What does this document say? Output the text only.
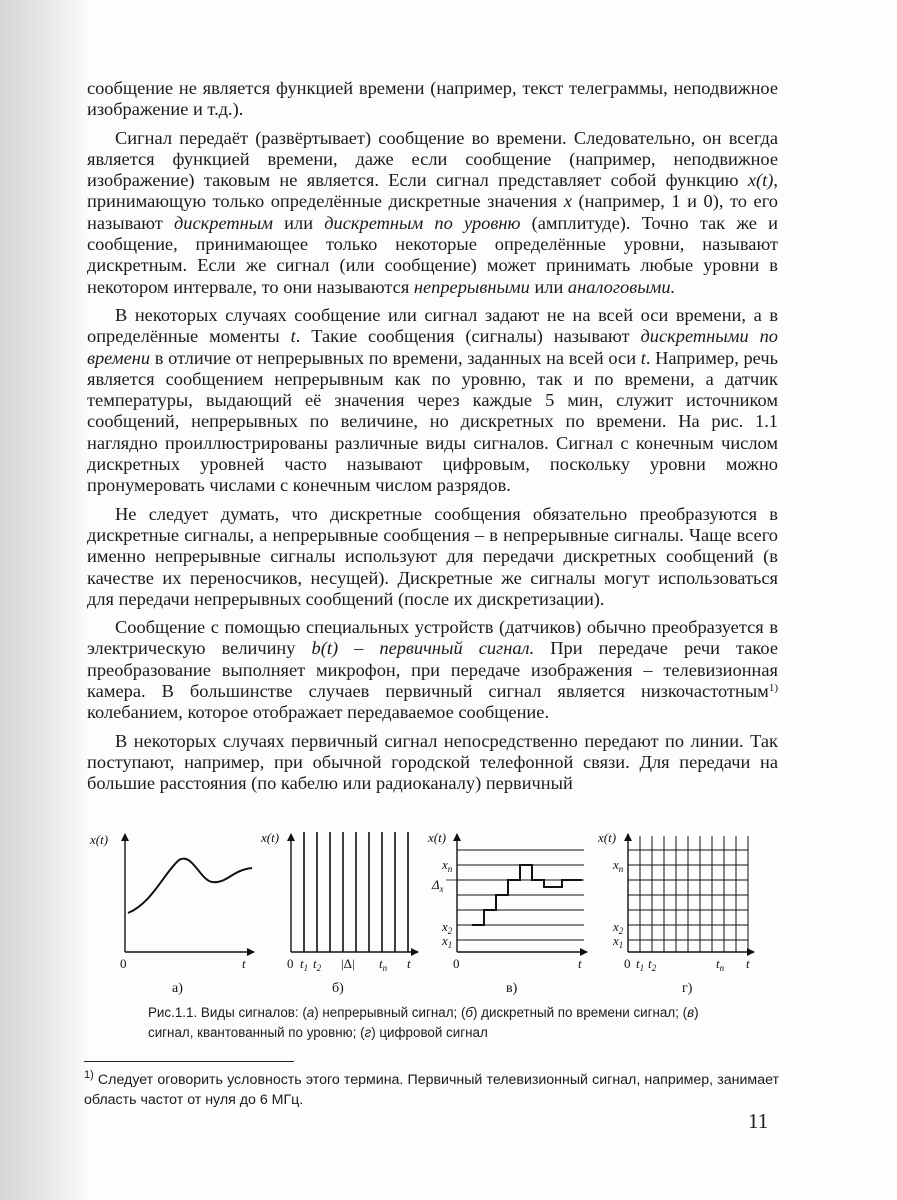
сообщение не является функцией времени (например, текст телеграммы, неподвижное изображение и т.д.).

Сигнал передаёт (развёртывает) сообщение во времени. Следовательно, он всегда является функцией времени, даже если сообщение (например, неподвижное изображение) таковым не является. Если сигнал представляет собой функцию x(t), принимающую только определённые дискретные значения x (например, 1 и 0), то его называют дискретным или дискретным по уровню (амплитуде). Точно так же и сообщение, принимающее только некоторые определённые уровни, называют дискретным. Если же сигнал (или сообщение) может принимать любые уровни в некотором интервале, то они называются непрерывными или аналоговыми.

В некоторых случаях сообщение или сигнал задают не на всей оси времени, а в определённые моменты t. Такие сообщения (сигналы) называют дискретными по времени в отличие от непрерывных по времени, заданных на всей оси t. Например, речь является сообщением непрерывным как по уровню, так и по времени, а датчик температуры, выдающий её значения через каждые 5 мин, служит источником сообщений, непрерывных по величине, но дискретных по времени. На рис. 1.1 наглядно проиллюстрированы различные виды сигналов. Сигнал с конечным числом дискретных уровней часто называют цифровым, поскольку уровни можно пронумеровать числами с конечным числом разрядов.

Не следует думать, что дискретные сообщения обязательно преобразуются в дискретные сигналы, а непрерывные сообщения – в непрерывные сигналы. Чаще всего именно непрерывные сигналы используют для передачи дискретных сообщений (в качестве их переносчиков, несущей). Дискретные же сигналы могут использоваться для передачи непрерывных сообщений (после их дискретизации).

Сообщение с помощью специальных устройств (датчиков) обычно преобразуется в электрическую величину b(t) – первичный сигнал. При передаче речи такое преобразование выполняет микрофон, при передаче изображения – телевизионная камера. В большинстве случаев первичный сигнал является низкочастотным$^{1)}$ колебанием, которое отображает передаваемое сообщение.

В некоторых случаях первичный сигнал непосредственно передают по линии. Так поступают, например, при обычной городской телефонной связи. Для передачи на большие расстояния (по кабелю или радиоканалу) первичный

x(t)
0	t
а)
x(t)
0 $t_1$ $t_2$ |Δ| $t_n$ t
б)
x(t)
$x_n$
$\Delta_x$
$x_2$
$x_1$
0	t
в)
x(t)
$x_n$
$x_2$
$x_1$
0 $t_1$ $t_2$	$t_n$ t
г)
Рис.1.1. Виды сигналов: (а) непрерывный сигнал; (б) дискретный по времени сигнал; (в) сигнал, квантованный по уровню; (г) цифровой сигнал
$^{1)}$ Следует оговорить условность этого термина. Первичный телевизионный сигнал, например, занимает область частот от нуля до 6 МГц.
11
